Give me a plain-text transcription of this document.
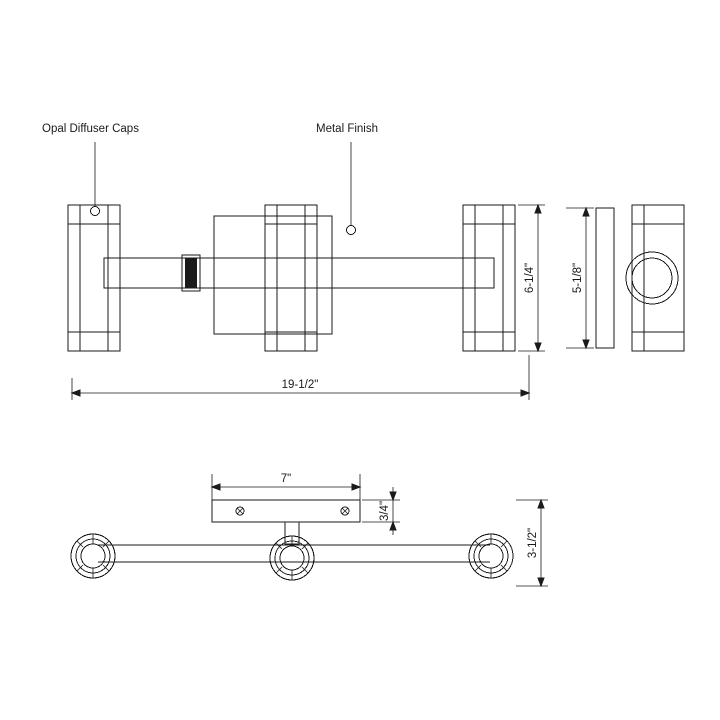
Opal Diffuser Caps	Metal Finish
6-1/4"	5-1/8"
19-1/2"
7"
3/4"
3-1/2"
